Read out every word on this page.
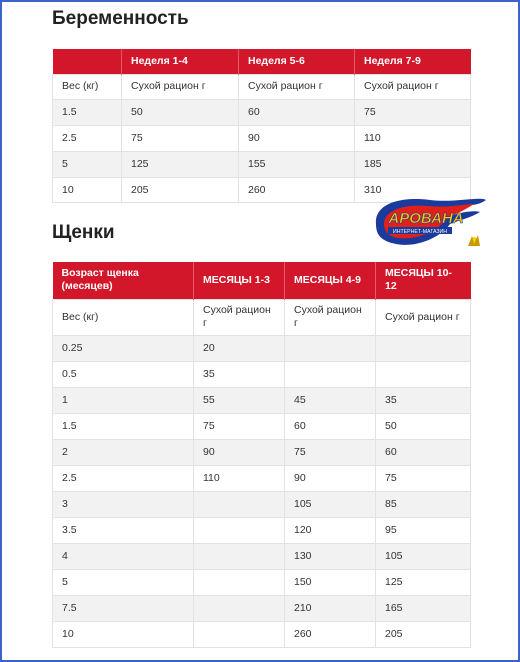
Беременность
	Неделя 1-4	Неделя 5-6	Неделя 7-9
Вес (кг)	Сухой рацион г	Сухой рацион г	Сухой рацион г
1.5	50	60	75
2.5	75	90	110
5	125	155	185
10	205	260	310
Щенки
АРОВАНА
ИНТЕРНЕТ-МАГАЗИН
Возраст щенка (месяцев)	МЕСЯЦЫ 1-3	МЕСЯЦЫ 4-9	МЕСЯЦЫ 10-12
Вес (кг)	Сухой рацион г	Сухой рацион г	Сухой рацион г
0.25	20		
0.5	35		
1	55	45	35
1.5	75	60	50
2	90	75	60
2.5	110	90	75
3		105	85
3.5		120	95
4		130	105
5		150	125
7.5		210	165
10		260	205
